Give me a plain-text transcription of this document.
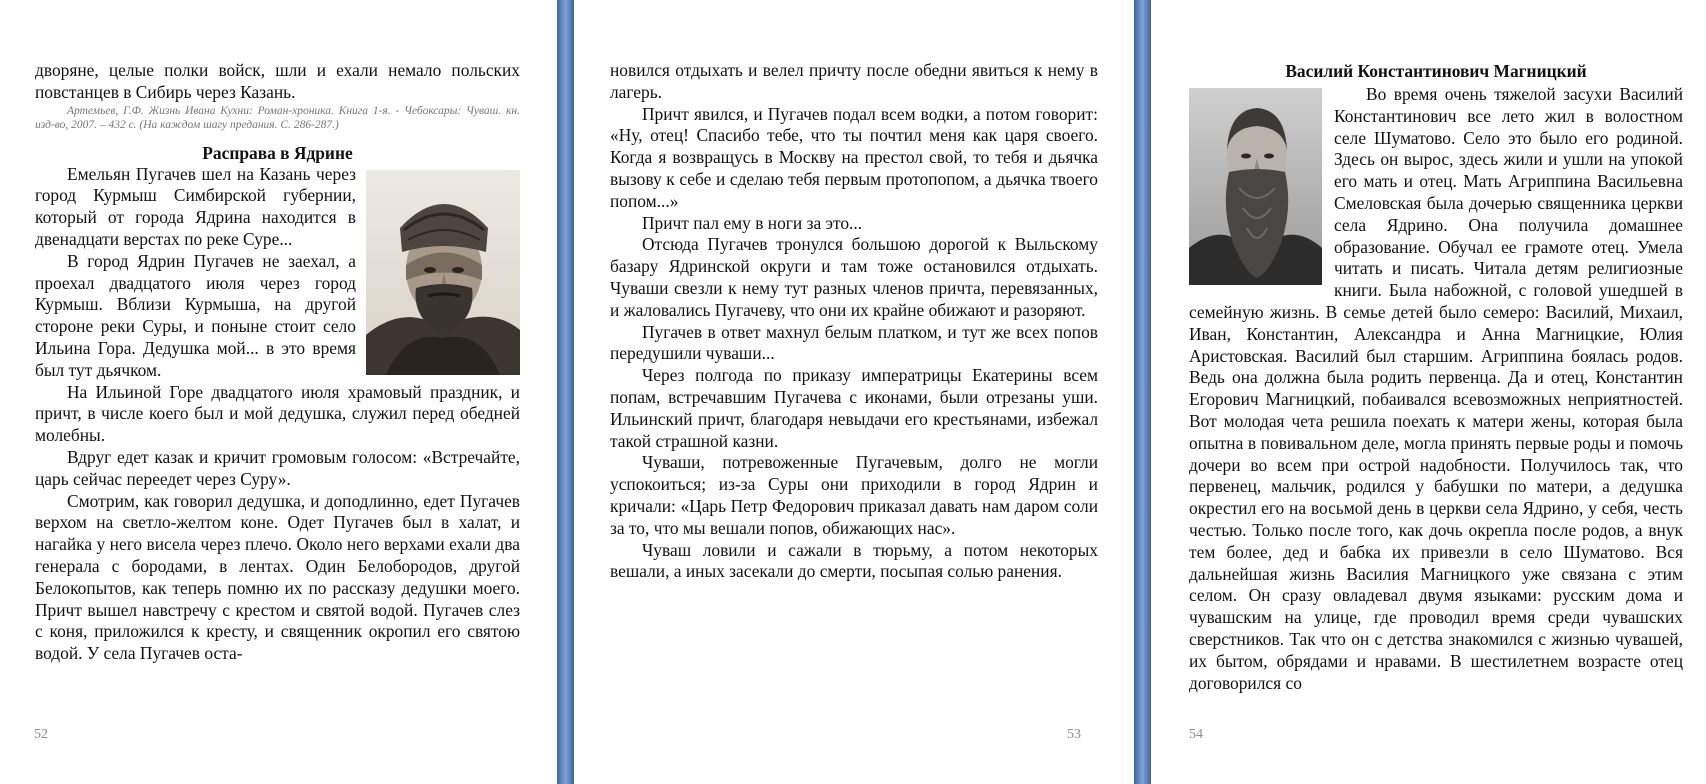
дворяне, целые полки войск, шли и ехали немало польских повстанцев в Сибирь через Казань.

Артемьев, Г.Ф. Жизнь Ивана Кухни: Роман-хроника. Книга 1-я. - Чебоксары: Чуваш. кн. изд-во, 2007. – 432 с. (На каждом шагу предания. С. 286-287.)

Расправа в Ядрине

Емельян Пугачев шел на Казань через город Курмыш Симбирской губернии, который от города Ядрина находится в двенадцати верстах по реке Суре...

В город Ядрин Пугачев не заехал, а проехал двадцатого июля через город Курмыш. Вблизи Курмыша, на другой стороне реки Суры, и поныне стоит село Ильина Гора. Дедушка мой... в это время был тут дьячком.

На Ильиной Горе двадцатого июля храмовый праздник, и причт, в числе коего был и мой дедушка, служил перед обедней молебны.

Вдруг едет казак и кричит громовым голосом: «Встречайте, царь сейчас переедет через Суру».

Смотрим, как говорил дедушка, и доподлинно, едет Пугачев верхом на светло-желтом коне. Одет Пугачев был в халат, и нагайка у него висела через плечо. Около него верхами ехали два генерала с бородами, в лентах. Один Белобородов, другой Белокопытов, как теперь помню их по рассказу дедушки моего. Причт вышел навстречу с крестом и святой водой. Пугачев слез с коня, приложился к кресту, и священник окропил его святою водой. У села Пугачев оста-

52

новился отдыхать и велел причту после обедни явиться к нему в лагерь.

Причт явился, и Пугачев подал всем водки, а потом говорит: «Ну, отец! Спасибо тебе, что ты почтил меня как царя своего. Когда я возвращусь в Москву на престол свой, то тебя и дьячка вызову к себе и сделаю тебя первым протопопом, а дьячка твоего попом...»

Причт пал ему в ноги за это...

Отсюда Пугачев тронулся большою дорогой к Выльскому базару Ядринской округи и там тоже остановился отдыхать. Чуваши свезли к нему тут разных членов причта, перевязанных, и жаловались Пугачеву, что они их крайне обижают и разоряют.

Пугачев в ответ махнул белым платком, и тут же всех попов передушили чуваши...

Через полгода по приказу императрицы Екатерины всем попам, встречавшим Пугачева с иконами, были отрезаны уши. Ильинский причт, благодаря невыдачи его крестьянами, избежал такой страшной казни.

Чуваши, потревоженные Пугачевым, долго не могли успокоиться; из-за Суры они приходили в город Ядрин и кричали: «Царь Петр Федорович приказал давать нам даром соли за то, что мы вешали попов, обижающих нас».

Чуваш ловили и сажали в тюрьму, а потом некоторых вешали, а иных засекали до смерти, посыпая солью ранения.

53
Василий Константинович Магницкий

Во время очень тяжелой засухи Василий Константинович все лето жил в волостном селе Шуматово. Село это было его родиной. Здесь он вырос, здесь жили и ушли на упокой его мать и отец. Мать Агриппина Васильевна Смеловская была дочерью священника церкви села Ядрино. Она получила домашнее образование. Обучал ее грамоте отец. Умела читать и писать. Читала детям религиозные книги. Была набожной, с головой ушедшей в семейную жизнь. В семье детей было семеро: Василий, Михаил, Иван, Константин, Александра и Анна Магницкие, Юлия Аристовская. Василий был старшим. Агриппина боялась родов. Ведь она должна была родить первенца. Да и отец, Константин Егорович Магницкий, побаивался всевозможных неприятностей. Вот молодая чета решила поехать к матери жены, которая была опытна в повивальном деле, могла принять первые роды и помочь дочери во всем при острой надобности. Получилось так, что первенец, мальчик, родился у бабушки по матери, а дедушка окрестил его на восьмой день в церкви села Ядрино, у себя, честь честью. Только после того, как дочь окрепла после родов, а внук тем более, дед и бабка их привезли в село Шуматово. Вся дальнейшая жизнь Василия Магницкого уже связана с этим селом. Он сразу овладевал двумя языками: русским дома и чувашским на улице, где проводил время среди чувашских сверстников. Так что он с детства знакомился с жизнью чувашей, их бытом, обрядами и нравами. В шестилетнем возрасте отец договорился со

54
